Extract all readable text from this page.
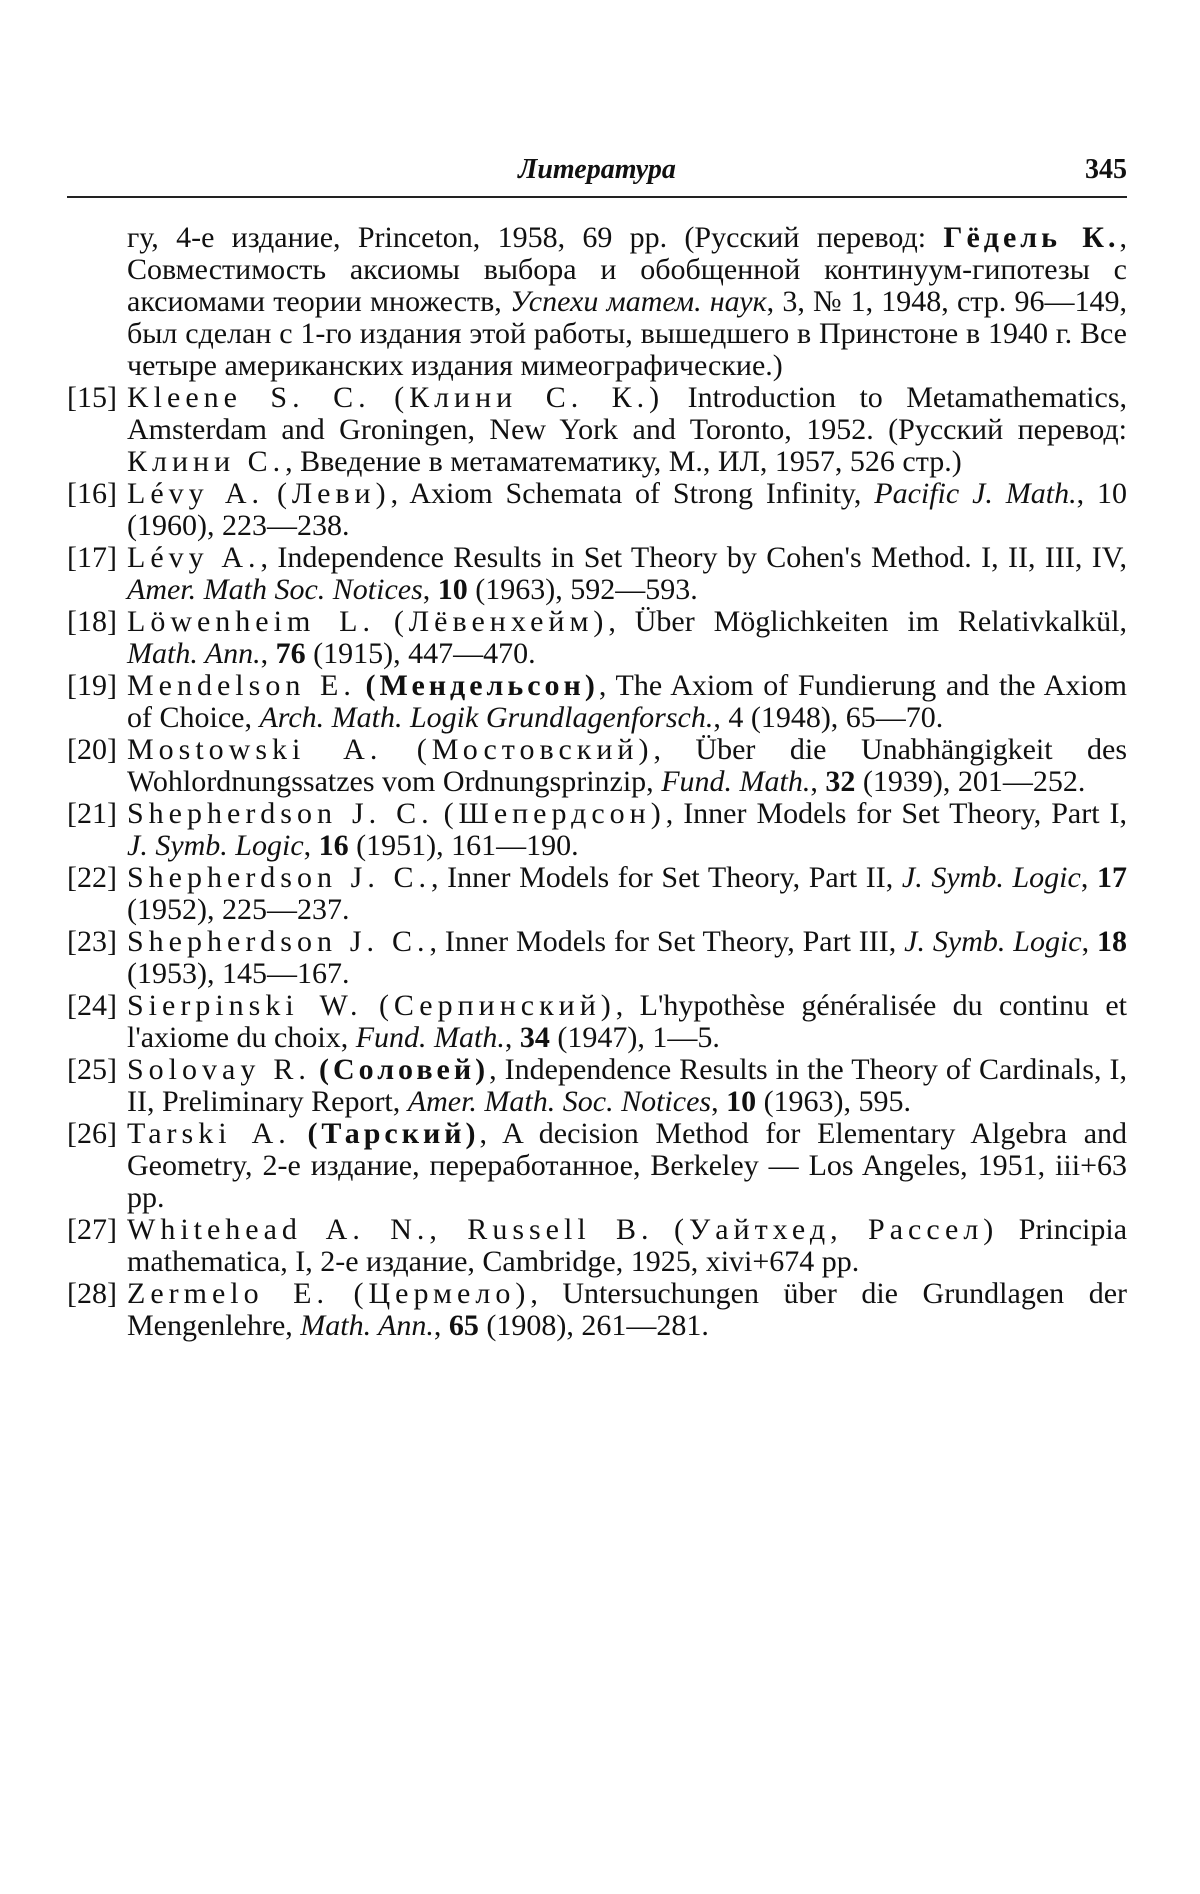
Литература	345

гу, 4-е издание, Princeton, 1958, 69 pp. (Русский перевод: Гёдель К., Совместимость аксиомы выбора и обобщенной континуум-гипотезы с аксиомами теории множеств, Успехи матем. наук, 3, № 1, 1948, стр. 96—149, был сделан с 1-го издания этой работы, вышедшего в Принстоне в 1940 г. Все четыре американских издания мимеографические.)

[15] Kleene S. C. (Клини С. К.) Introduction to Metamathematics, Amsterdam and Groningen, New York and Toronto, 1952. (Русский перевод: Клини С., Введение в метаматематику, М., ИЛ, 1957, 526 стр.)
[16] Lévy A. (Леви), Axiom Schemata of Strong Infinity, Pacific J. Math., 10 (1960), 223—238.
[17] Lévy A., Independence Results in Set Theory by Cohen's Method. I, II, III, IV, Amer. Math Soc. Notices, 10 (1963), 592—593.
[18] Löwenheim L. (Лёвенхейм), Über Möglichkeiten im Relativkalkül, Math. Ann., 76 (1915), 447—470.
[19] Mendelson E. (Мендельсон), The Axiom of Fundierung and the Axiom of Choice, Arch. Math. Logik Grundlagenforsch., 4 (1948), 65—70.
[20] Mostowski A. (Мостовский), Über die Unabhängigkeit des Wohlordnungssatzes vom Ordnungsprinzip, Fund. Math., 32 (1939), 201—252.
[21] Shepherdson J. C. (Шепердсон), Inner Models for Set Theory, Part I, J. Symb. Logic, 16 (1951), 161—190.
[22] Shepherdson J. C., Inner Models for Set Theory, Part II, J. Symb. Logic, 17 (1952), 225—237.
[23] Shepherdson J. C., Inner Models for Set Theory, Part III, J. Symb. Logic, 18 (1953), 145—167.
[24] Sierpinski W. (Серпинский), L'hypothèse généralisée du continu et l'axiome du choix, Fund. Math., 34 (1947), 1—5.
[25] Solovay R. (Соловей), Independence Results in the Theory of Cardinals, I, II, Preliminary Report, Amer. Math. Soc. Notices, 10 (1963), 595.
[26] Tarski A. (Тарский), A decision Method for Elementary Algebra and Geometry, 2-е издание, переработанное, Berkeley — Los Angeles, 1951, iii+63 pp.
[27] Whitehead A. N., Russell B. (Уайтхед, Рассел) Principia mathematica, I, 2-е издание, Cambridge, 1925, xivi+674 pp.
[28] Zermelo E. (Цермело), Untersuchungen über die Grundlagen der Mengenlehre, Math. Ann., 65 (1908), 261—281.
